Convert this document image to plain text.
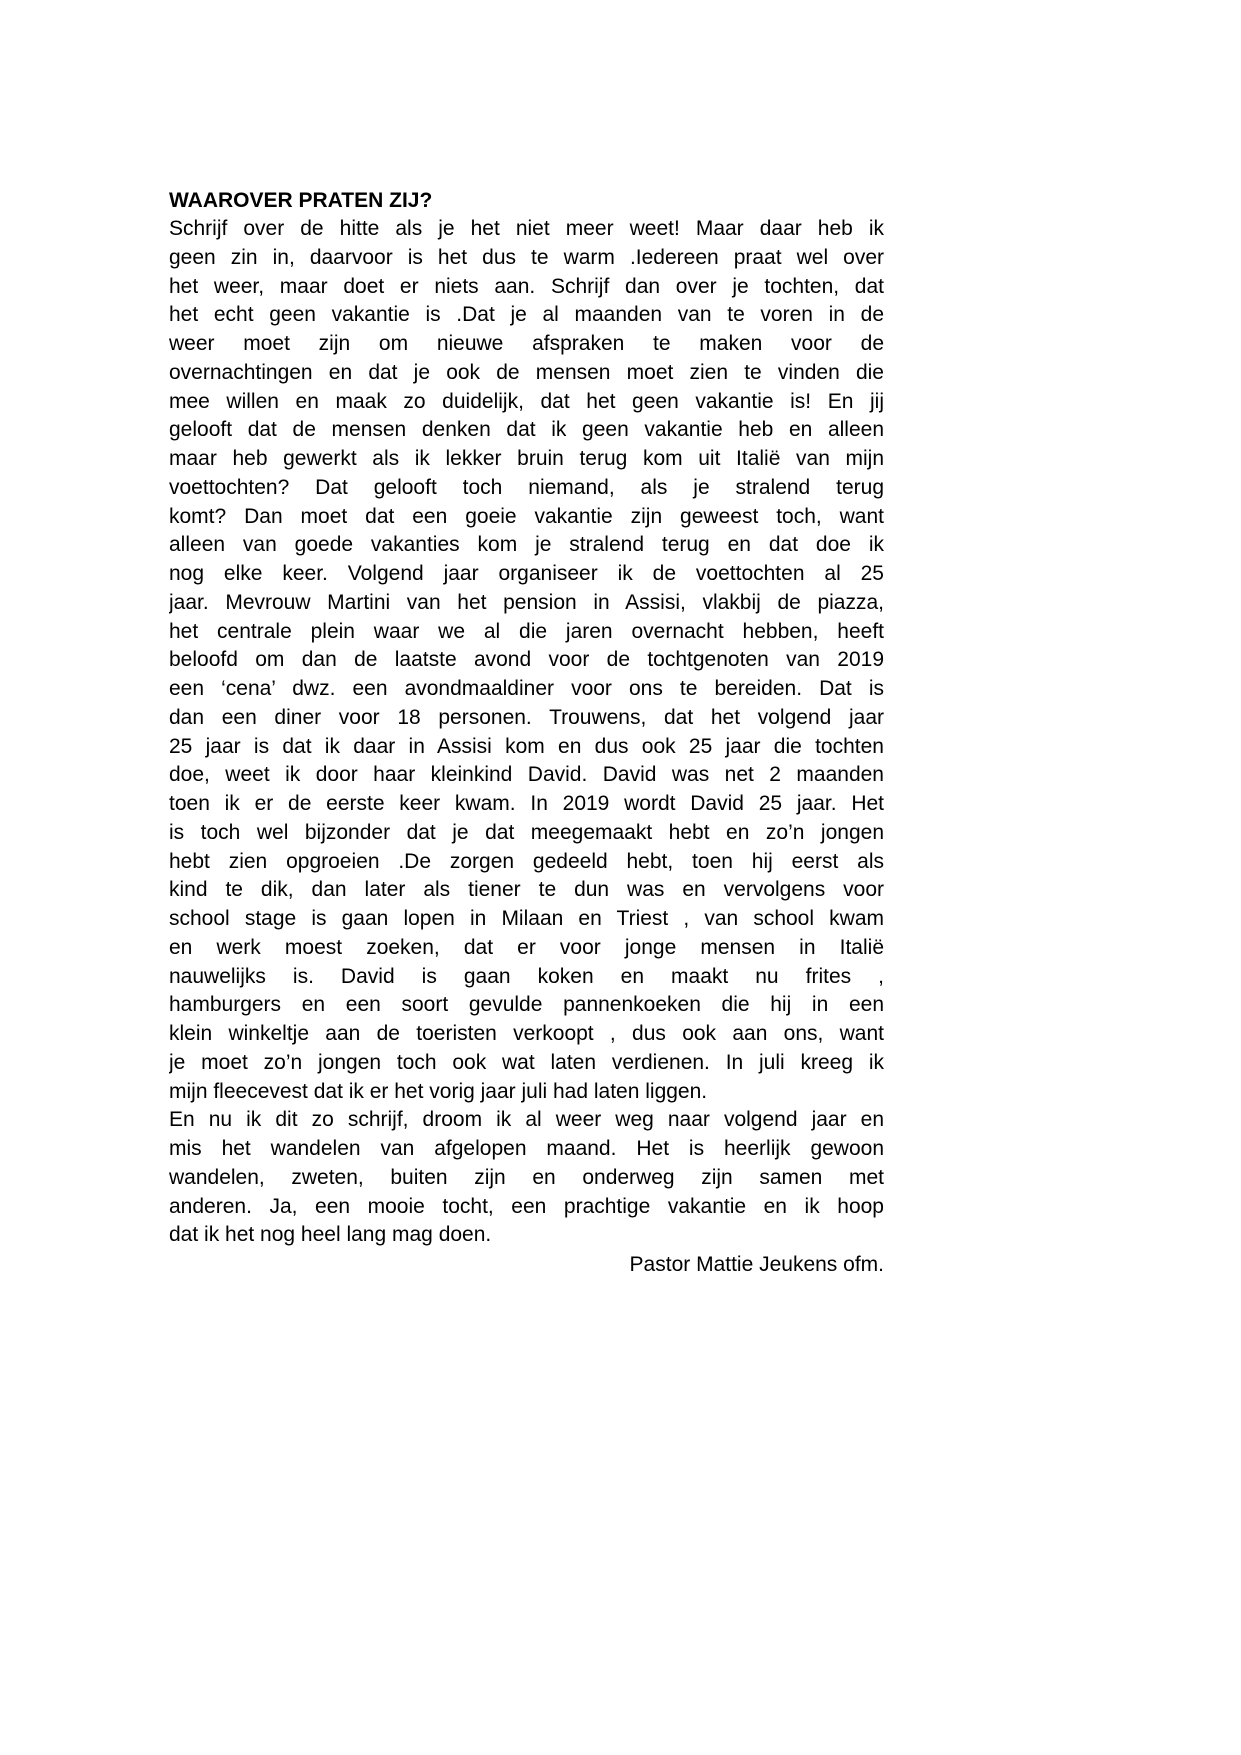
WAAROVER PRATEN ZIJ?
Schrijf over de hitte als je het niet meer weet! Maar daar heb ik
geen zin in, daarvoor is het dus te warm .Iedereen praat wel over
het weer, maar doet er niets aan. Schrijf dan over je tochten, dat
het echt geen vakantie is .Dat je al maanden van te voren in de
weer moet zijn om nieuwe afspraken te maken voor de
overnachtingen en dat je ook de mensen moet zien te vinden die
mee willen en maak zo duidelijk, dat het geen vakantie is! En jij
gelooft dat de mensen denken dat ik geen vakantie heb en alleen
maar heb gewerkt als ik lekker bruin terug kom uit Italië van mijn
voettochten? Dat gelooft toch niemand, als je stralend terug
komt? Dan moet dat een goeie vakantie zijn geweest toch, want
alleen van goede vakanties kom je stralend terug en dat doe ik
nog elke keer. Volgend jaar organiseer ik de voettochten al 25
jaar. Mevrouw Martini van het pension in Assisi, vlakbij de piazza,
het centrale plein waar we al die jaren overnacht hebben, heeft
beloofd om dan de laatste avond voor de tochtgenoten van 2019
een ‘cena’ dwz. een avondmaaldiner voor ons te bereiden. Dat is
dan een diner voor 18 personen. Trouwens, dat het volgend jaar
25 jaar is dat ik daar in Assisi kom en dus ook 25 jaar die tochten
doe, weet ik door haar kleinkind David. David was net 2 maanden
toen ik er de eerste keer kwam. In 2019 wordt David 25 jaar. Het
is toch wel bijzonder dat je dat meegemaakt hebt en zo’n jongen
hebt zien opgroeien .De zorgen gedeeld hebt, toen hij eerst als
kind te dik, dan later als tiener te dun was en vervolgens voor
school stage is gaan lopen in Milaan en Triest , van school kwam
en werk moest zoeken, dat er voor jonge mensen in Italië
nauwelijks is. David is gaan koken en maakt nu frites ,
hamburgers en een soort gevulde pannenkoeken die hij in een
klein winkeltje aan de toeristen verkoopt , dus ook aan ons, want
je moet zo’n jongen toch ook wat laten verdienen. In juli kreeg ik
mijn fleecevest dat ik er het vorig jaar juli had laten liggen.
En nu ik dit zo schrijf, droom ik al weer weg naar volgend jaar en
mis het wandelen van afgelopen maand. Het is heerlijk gewoon
wandelen, zweten, buiten zijn en onderweg zijn samen met
anderen. Ja, een mooie tocht, een prachtige vakantie en ik hoop
dat ik het nog heel lang mag doen.
Pastor Mattie Jeukens ofm.
